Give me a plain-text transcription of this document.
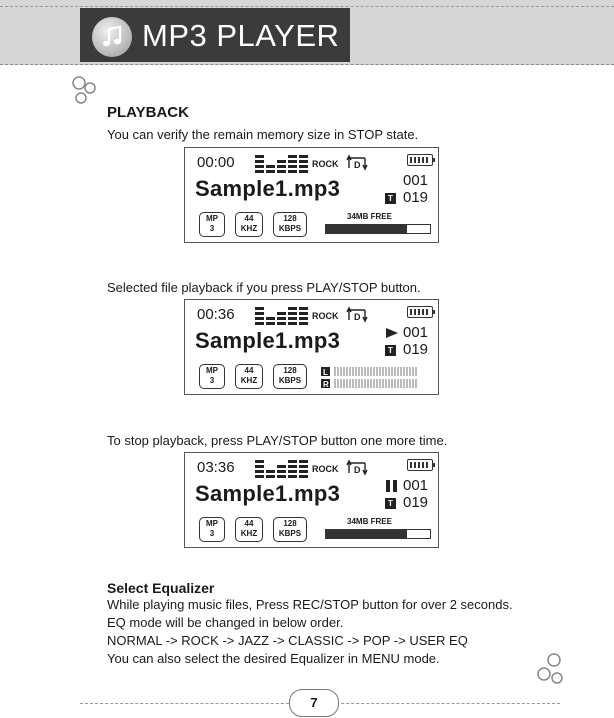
MP3 PLAYER
PLAYBACK
You can verify the remain memory size in STOP state.
00:00	ROCK D
Sample1.mp3	001
T 019
MP
3
44
KHZ
128
KBPS
34MB FREE
Selected file playback if you press PLAY/STOP button.
00:36	ROCK D
Sample1.mp3	001
T 019
MP
3
44
KHZ
128
KBPS
L
R
To stop playback, press PLAY/STOP button one more time.
03:36	ROCK D
Sample1.mp3	001
T 019
MP
3
44
KHZ
128
KBPS
34MB FREE
Select Equalizer
While playing music files, Press REC/STOP button for over 2 seconds.
EQ mode will be changed in below order.
NORMAL -> ROCK -> JAZZ -> CLASSIC -> POP -> USER EQ
You can also select the desired Equalizer in MENU mode.
7
